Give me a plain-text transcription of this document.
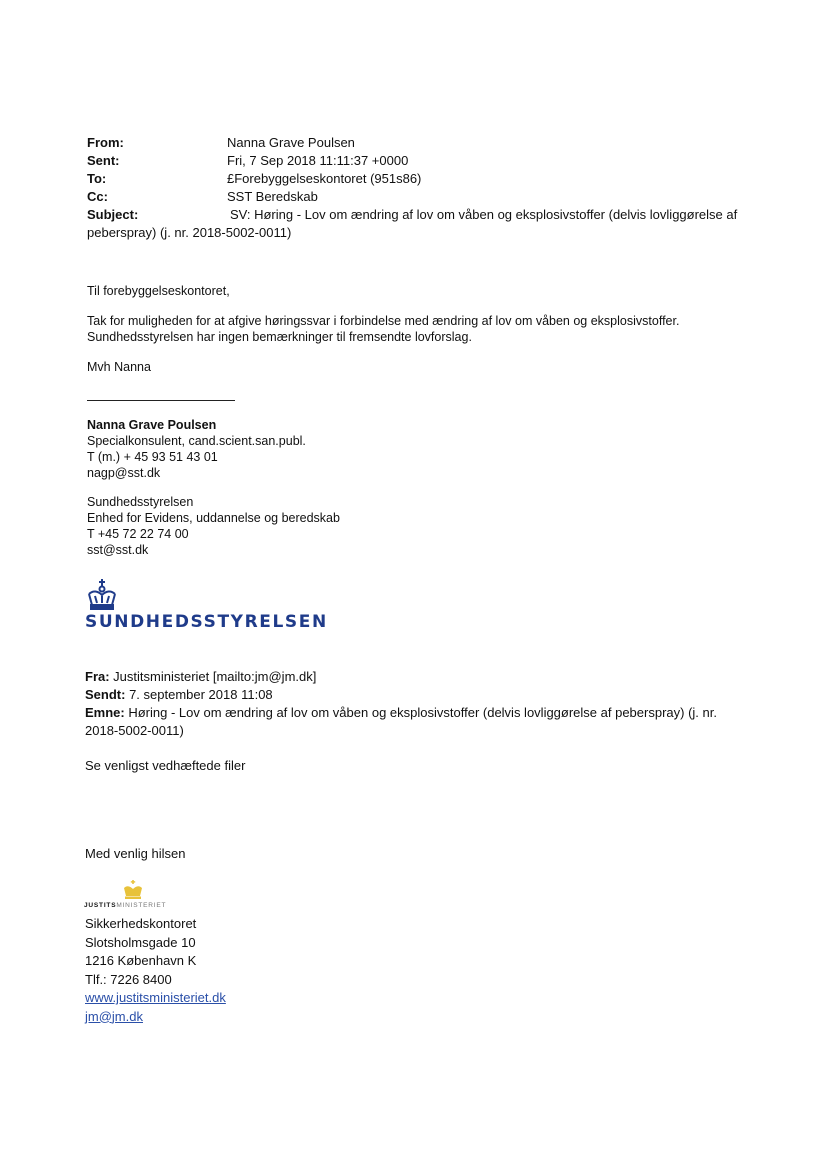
From:	Nanna Grave Poulsen
Sent:	Fri, 7 Sep 2018 11:11:37 +0000
To:	£Forebyggelseskontoret (951s86)
Cc:	SST Beredskab
Subject:	SV: Høring - Lov om ændring af lov om våben og eksplosivstoffer (delvis lovliggørelse af peberspray) (j. nr. 2018-5002-0011)

Til forebyggelseskontoret,

Tak for muligheden for at afgive høringssvar i forbindelse med ændring af lov om våben og eksplosivstoffer.
Sundhedsstyrelsen har ingen bemærkninger til fremsendte lovforslag.

Mvh Nanna

Nanna Grave Poulsen
Specialkonsulent, cand.scient.san.publ.
T (m.) + 45 93 51 43 01
nagp@sst.dk
Sundhedsstyrelsen
Enhed for Evidens, uddannelse og beredskab
T +45 72 22 74 00
sst@sst.dk
SUNDHEDSSTYRELSEN
Fra: Justitsministeriet [mailto:jm@jm.dk]
Sendt: 7. september 2018 11:08
Emne: Høring - Lov om ændring af lov om våben og eksplosivstoffer (delvis lovliggørelse af peberspray) (j. nr. 2018-5002-0011)
Se venligst vedhæftede filer
Med venlig hilsen
JUSTITSMINISTERIET
Sikkerhedskontoret
Slotsholmsgade 10
1216 København K
Tlf.: 7226 8400
www.justitsministeriet.dk
jm@jm.dk
